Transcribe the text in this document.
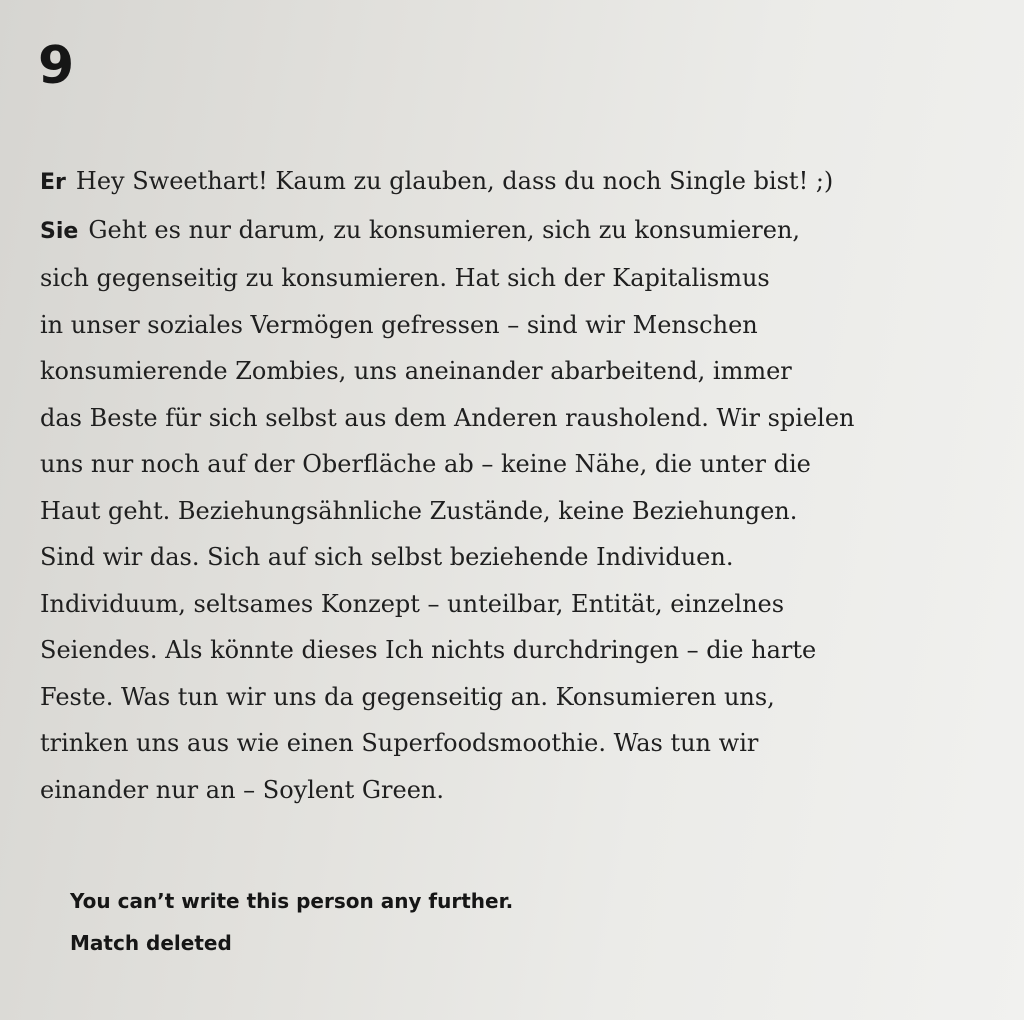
9
Er Hey Sweethart! Kaum zu glauben, dass du noch Single bist! ;)
Sie Geht es nur darum, zu konsumieren, sich zu konsumieren,
sich gegenseitig zu konsumieren. Hat sich der Kapitalismus
in unser soziales Vermögen gefressen – sind wir Menschen
konsumierende Zombies, uns aneinander abarbeitend, immer
das Beste für sich selbst aus dem Anderen rausholend. Wir spielen
uns nur noch auf der Oberfläche ab – keine Nähe, die unter die
Haut geht. Beziehungsähnliche Zustände, keine Beziehungen.
Sind wir das. Sich auf sich selbst beziehende Individuen.
Individuum, seltsames Konzept – unteilbar, Entität, einzelnes
Seiendes. Als könnte dieses Ich nichts durchdringen – die harte
Feste. Was tun wir uns da gegenseitig an. Konsumieren uns,
trinken uns aus wie einen Superfoodsmoothie. Was tun wir
einander nur an – Soylent Green.
You can’t write this person any further.
Match deleted
